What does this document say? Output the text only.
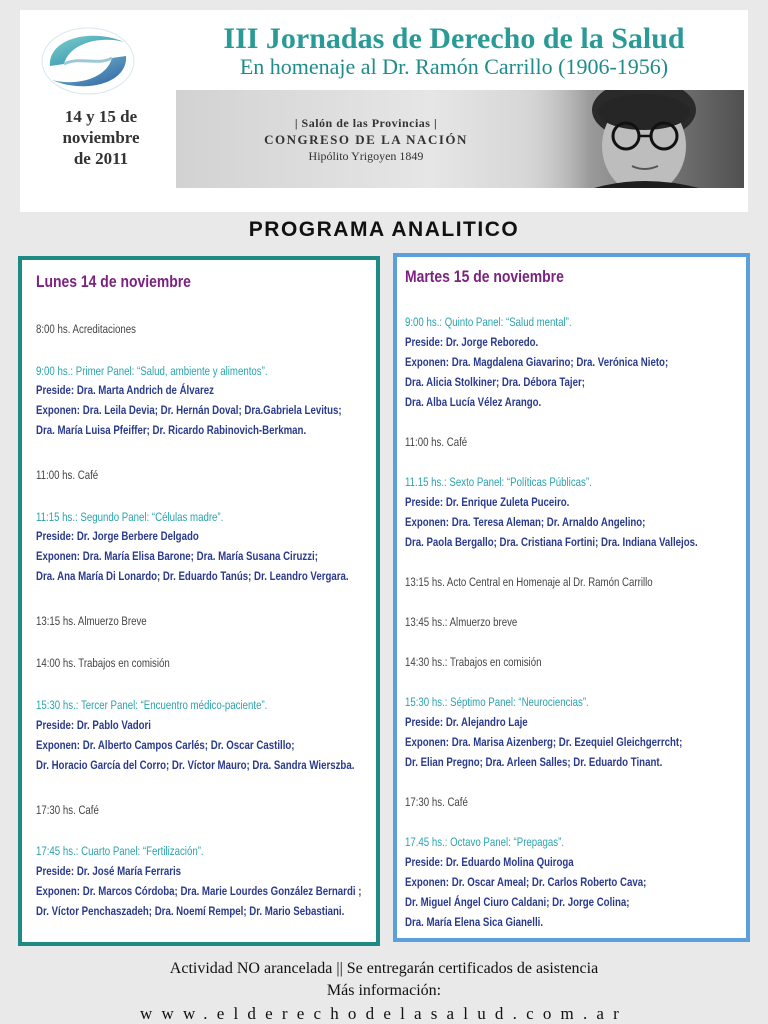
III Jornadas de Derecho de la Salud
En homenaje al Dr. Ramón Carrillo (1906-1956)
14 y 15 de
noviembre
de 2011
| Salón de las Provincias |
CONGRESO DE LA NACIÓN
Hipólito Yrigoyen 1849
PROGRAMA ANALITICO
Lunes 14 de noviembre
8:00 hs. Acreditaciones
9:00 hs.: Primer Panel: “Salud, ambiente y alimentos”.
Preside: Dra. Marta Andrich de Álvarez
Exponen: Dra. Leila Devia; Dr. Hernán Doval; Dra.Gabriela Levitus;
Dra. María Luisa Pfeiffer; Dr. Ricardo Rabinovich-Berkman.
11:00 hs. Café
11:15 hs.: Segundo Panel: “Células madre”.
Preside: Dr. Jorge Berbere Delgado
Exponen: Dra. María Elisa Barone; Dra. María Susana Ciruzzi;
Dra. Ana María Di Lonardo; Dr. Eduardo Tanús; Dr. Leandro Vergara.
13:15 hs. Almuerzo Breve
14:00 hs. Trabajos en comisión
15:30 hs.: Tercer Panel: “Encuentro médico-paciente”.
Preside: Dr. Pablo Vadori
Exponen: Dr. Alberto Campos Carlés; Dr. Oscar Castillo;
Dr. Horacio García del Corro; Dr. Víctor Mauro; Dra. Sandra Wierszba.
17:30 hs. Café
17:45 hs.: Cuarto Panel: “Fertilización”.
Preside: Dr. José María Ferraris
Exponen: Dr. Marcos Córdoba; Dra. Marie Lourdes González Bernardi ;
Dr. Víctor Penchaszadeh; Dra. Noemí Rempel; Dr. Mario Sebastiani.
Martes 15 de noviembre
9:00 hs.: Quinto Panel: “Salud mental”.
Preside: Dr. Jorge Reboredo.
Exponen: Dra. Magdalena Giavarino; Dra. Verónica Nieto;
Dra. Alicia Stolkiner; Dra. Débora Tajer;
Dra. Alba Lucía Vélez Arango.
11:00 hs. Café
11.15 hs.: Sexto Panel: “Políticas Públicas”.
Preside: Dr. Enrique Zuleta Puceiro.
Exponen: Dra. Teresa Aleman; Dr. Arnaldo Angelino;
Dra. Paola Bergallo; Dra. Cristiana Fortini; Dra. Indiana Vallejos.
13:15 hs. Acto Central en Homenaje al Dr. Ramón Carrillo
13:45 hs.: Almuerzo breve
14:30 hs.: Trabajos en comisión
15:30 hs.: Séptimo Panel: “Neurociencias”.
Preside: Dr. Alejandro Laje
Exponen: Dra. Marisa Aizenberg; Dr. Ezequiel Gleichgerrcht;
Dr. Elian Pregno; Dra. Arleen Salles; Dr. Eduardo Tinant.
17:30 hs. Café
17.45 hs.: Octavo Panel: “Prepagas”.
Preside: Dr. Eduardo Molina Quiroga
Exponen: Dr. Oscar Ameal; Dr. Carlos Roberto Cava;
Dr. Miguel Ángel Ciuro Caldani; Dr. Jorge Colina;
Dra. María Elena Sica Gianelli.
Actividad NO arancelada || Se entregarán certificados de asistencia
Más información:
www.elderechodelasalud.com.ar
